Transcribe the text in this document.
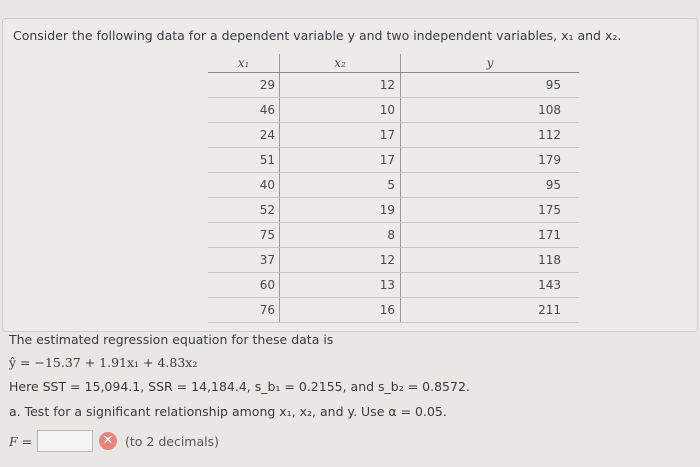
Consider the following data for a dependent variable y and two independent variables, x₁ and x₂.
x₁	x₂	y
29	12	95
46	10	108
24	17	112
51	17	179
40	5	95
52	19	175
75	8	171
37	12	118
60	13	143
76	16	211
The estimated regression equation for these data is
ŷ = −15.37 + 1.91x₁ + 4.83x₂
Here SST = 15,094.1, SSR = 14,184.4, s_b₁ = 0.2155, and s_b₂ = 0.8572.
a. Test for a significant relationship among x₁, x₂, and y. Use α = 0.05.
F =	✕ (to 2 decimals)
